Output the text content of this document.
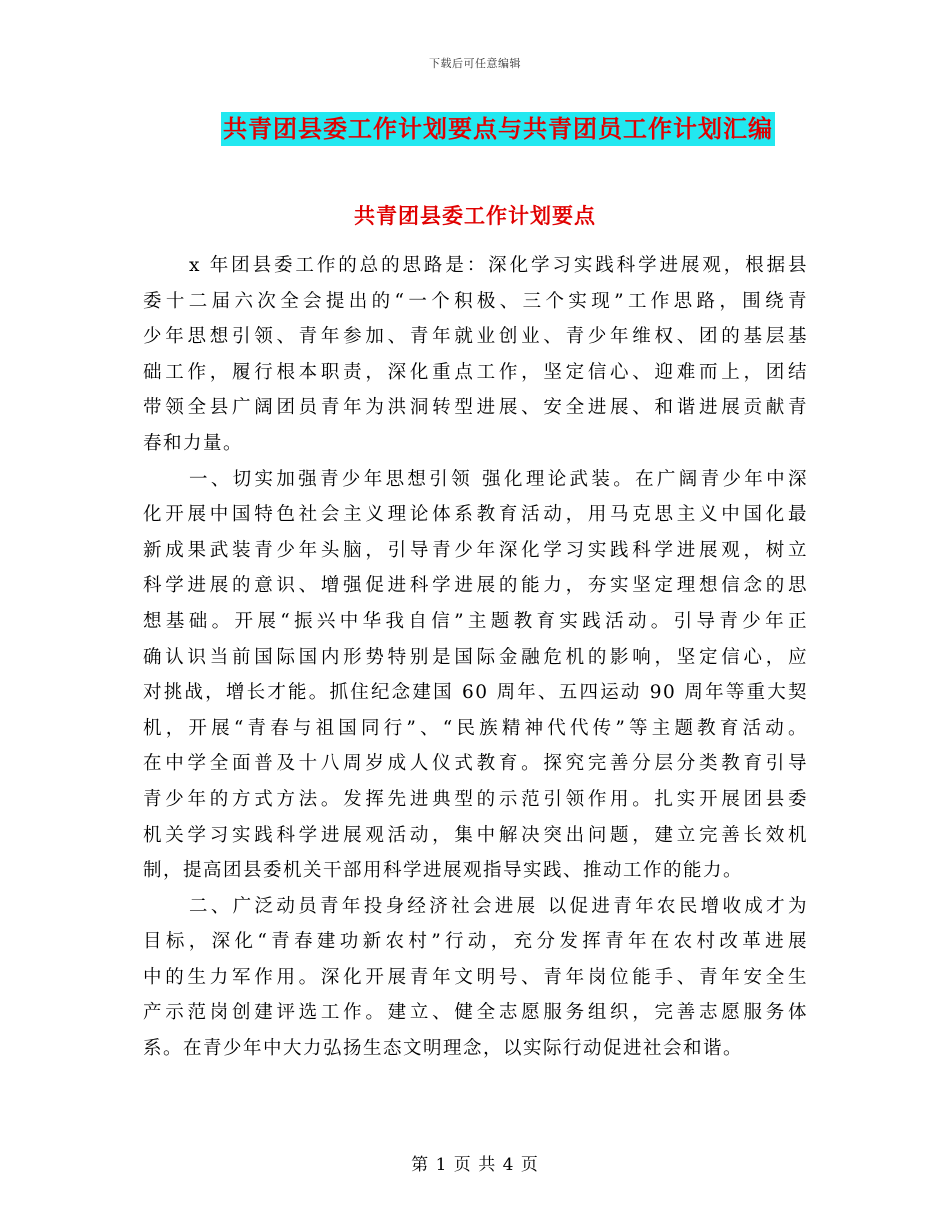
下载后可任意编辑
共青团县委工作计划要点与共青团员工作计划汇编
共青团县委工作计划要点
x 年团县委工作的总的思路是：深化学习实践科学进展观，根据县
委十二届六次全会提出的“一个积极、三个实现”工作思路，围绕青
少年思想引领、青年参加、青年就业创业、青少年维权、团的基层基
础工作，履行根本职责，深化重点工作，坚定信心、迎难而上，团结
带领全县广阔团员青年为洪洞转型进展、安全进展、和谐进展贡献青
春和力量。
一、切实加强青少年思想引领 强化理论武装。在广阔青少年中深
化开展中国特色社会主义理论体系教育活动，用马克思主义中国化最
新成果武装青少年头脑，引导青少年深化学习实践科学进展观，树立
科学进展的意识、增强促进科学进展的能力，夯实坚定理想信念的思
想基础。开展“振兴中华我自信”主题教育实践活动。引导青少年正
确认识当前国际国内形势特别是国际金融危机的影响，坚定信心，应
对挑战，增长才能。抓住纪念建国 60 周年、五四运动 90 周年等重大契
机，开展“青春与祖国同行”、“民族精神代代传”等主题教育活动。
在中学全面普及十八周岁成人仪式教育。探究完善分层分类教育引导
青少年的方式方法。发挥先进典型的示范引领作用。扎实开展团县委
机关学习实践科学进展观活动，集中解决突出问题，建立完善长效机
制，提高团县委机关干部用科学进展观指导实践、推动工作的能力。
二、广泛动员青年投身经济社会进展 以促进青年农民增收成才为
目标，深化“青春建功新农村”行动，充分发挥青年在农村改革进展
中的生力军作用。深化开展青年文明号、青年岗位能手、青年安全生
产示范岗创建评选工作。建立、健全志愿服务组织，完善志愿服务体
系。在青少年中大力弘扬生态文明理念，以实际行动促进社会和谐。
第 1 页 共 4 页
